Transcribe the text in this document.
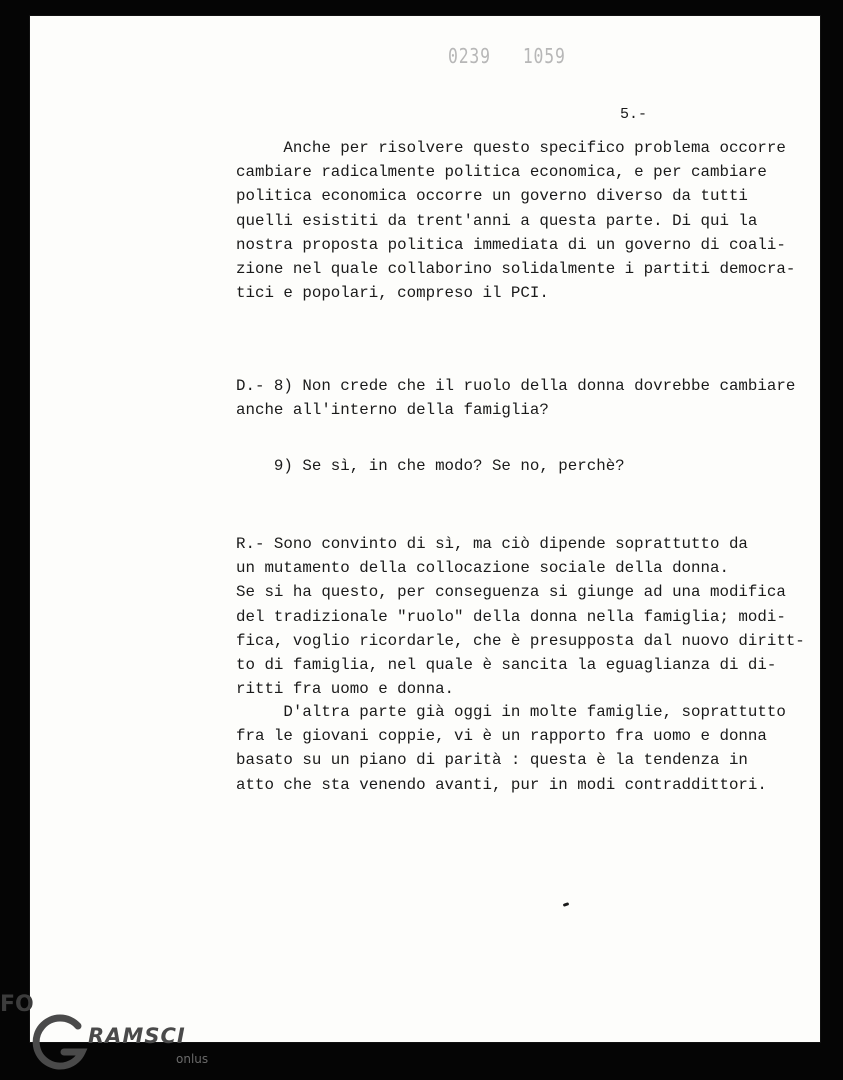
0239 1059
5.-
Anche per risolvere questo specifico problema occorre
cambiare radicalmente politica economica, e per cambiare
politica economica occorre un governo diverso da tutti
quelli esistiti da trent'anni a questa parte. Di qui la
nostra proposta politica immediata di un governo di coali-
zione nel quale collaborino solidalmente i partiti democra-
tici e popolari, compreso il PCI.
D.- 8) Non crede che il ruolo della donna dovrebbe cambiare
anche all'interno della famiglia?
9) Se sì, in che modo? Se no, perchè?
R.- Sono convinto di sì, ma ciò dipende soprattutto da
un mutamento della collocazione sociale della donna.
Se si ha questo, per conseguenza si giunge ad una modifica
del tradizionale "ruolo" della donna nella famiglia; modi-
fica, voglio ricordarle, che è presupposta dal nuovo diritt-
to di famiglia, nel quale è sancita la eguaglianza di di-
ritti fra uomo e donna.
D'altra parte già oggi in molte famiglie, soprattutto
fra le giovani coppie, vi è un rapporto fra uomo e donna
basato su un piano di parità : questa è la tendenza in
atto che sta venendo avanti, pur in modi contraddittori.
FO
RAMSCI
onlus
